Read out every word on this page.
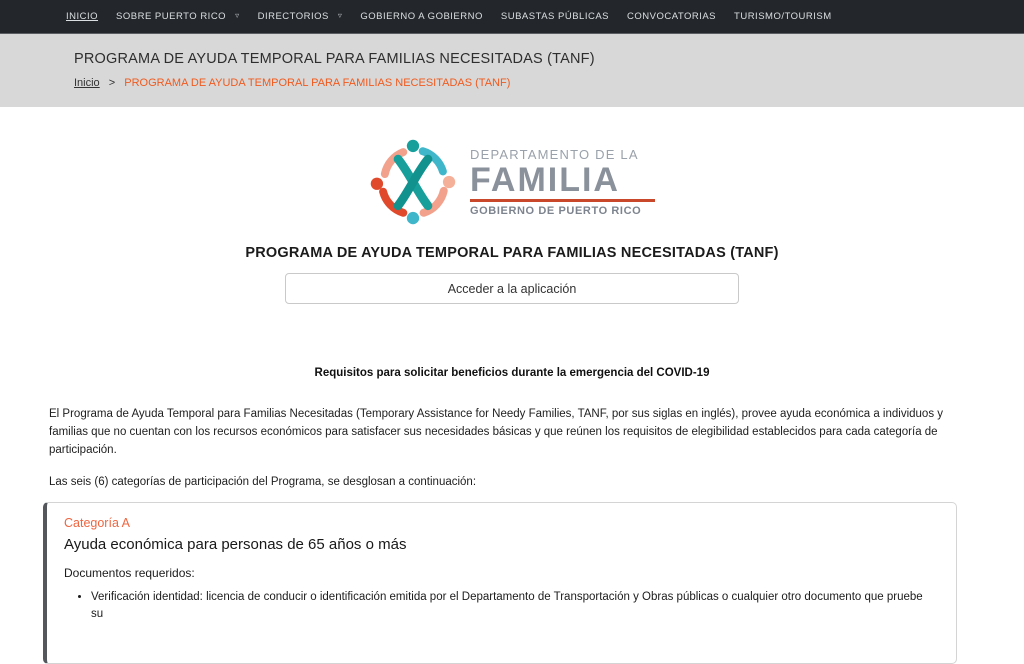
INICIO SOBRE PUERTO RICO ▿ DIRECTORIOS ▿ GOBIERNO A GOBIERNO SUBASTAS PÚBLICAS CONVOCATORIAS TURISMO/TOURISM
PROGRAMA DE AYUDA TEMPORAL PARA FAMILIAS NECESITADAS (TANF)
Inicio > PROGRAMA DE AYUDA TEMPORAL PARA FAMILIAS NECESITADAS (TANF)
DEPARTAMENTO DE LA
FAMILIA
GOBIERNO DE PUERTO RICO
PROGRAMA DE AYUDA TEMPORAL PARA FAMILIAS NECESITADAS (TANF)
Acceder a la aplicación
Requisitos para solicitar beneficios durante la emergencia del COVID-19

El Programa de Ayuda Temporal para Familias Necesitadas (Temporary Assistance for Needy Families, TANF, por sus siglas en inglés), provee ayuda económica a individuos y familias que no cuentan con los recursos económicos para satisfacer sus necesidades básicas y que reúnen los requisitos de elegibilidad establecidos para cada categoría de participación.

Las seis (6) categorías de participación del Programa, se desglosan a continuación:

Categoría A
Ayuda económica para personas de 65 años o más
Documentos requeridos:
• Verificación identidad: licencia de conducir o identificación emitida por el Departamento de Transportación y Obras públicas o cualquier otro documento que pruebe su
